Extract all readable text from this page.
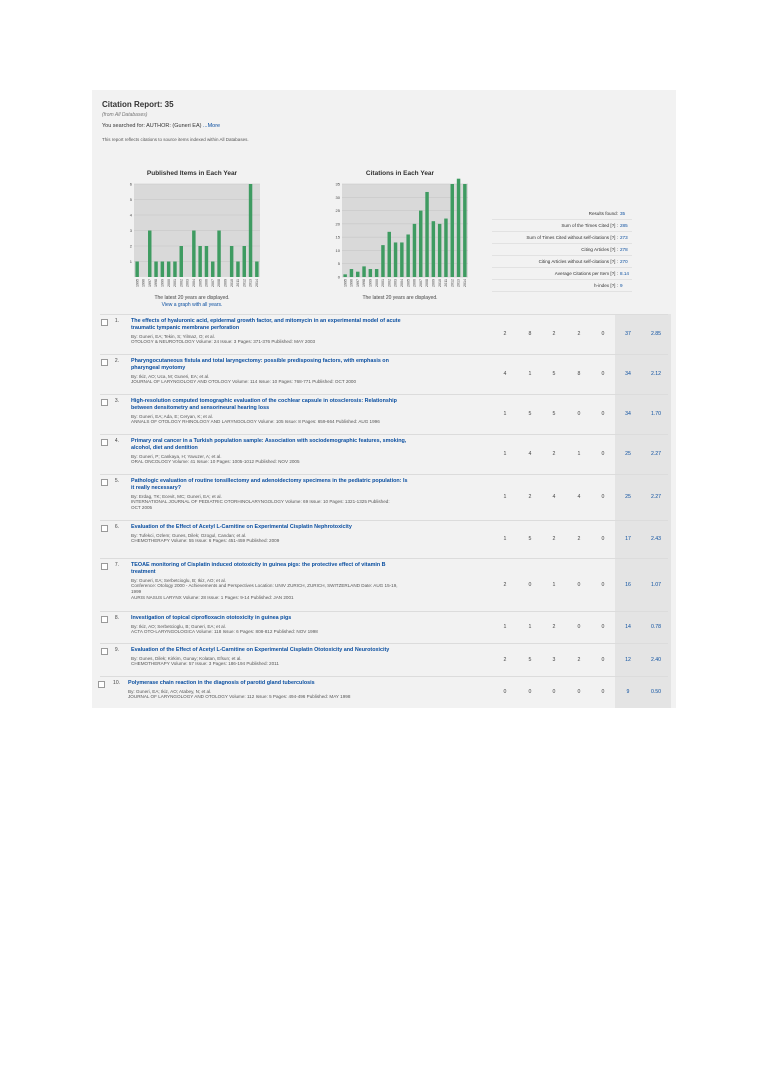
Citation Report: 35
(from All Databases)
You searched for: AUTHOR: (Guneri EA) ...More
This report reflects citations to source items indexed within All Databases.
Published Items in Each Year	Citations in Each Year
1
2
3
4
5
6
1995 1996 1997 1998 1999 2000 2001 2002 2003 2004 2005 2006 2007 2008 2009 2010 2011 2012 2013 2014
0
5
10
15
20
25
30
35
1995 1996 1997 1998 1999 2000 2001 2002 2003 2004 2005 2006 2007 2008 2009 2010 2011 2012 2013 2014
The latest 20 years are displayed.
View a graph with all years.
The latest 20 years are displayed.
Results found: 35
Sum of the Times Cited [?] : 285
Sum of Times Cited without self-citations [?] : 273
Citing Articles [?] : 278
Citing Articles without self-citations [?] : 270
Average Citations per Item [?] : 8.14
h-index [?] : 9
1. The effects of hyaluronic acid, epidermal growth factor, and mitomycin in an experimental model of acute
traumatic tympanic membrane perforation
By: Guneri, EA; Tekin, S; Yilmaz, O; et al.
OTOLOGY & NEUROTOLOGY Volume: 24 Issue: 3 Pages: 371-376 Published: MAY 2003
2	8	2	2	0	37	2.85
2. Pharyngocutaneous fistula and total laryngectomy: possible predisposing factors, with emphasis on
pharyngeal myotomy
By: Ikiz, AO; Uca, M; Guneri, EA; et al.
JOURNAL OF LARYNGOLOGY AND OTOLOGY Volume: 114 Issue: 10 Pages: 768-771 Published: OCT 2000
4	1	5	8	0	34	2.12
3. High-resolution computed tomographic evaluation of the cochlear capsule in otosclerosis: Relationship
between densitometry and sensorineural hearing loss
By: Guneri, EA; Ada, E; Ceryan, K; et al.
ANNALS OF OTOLOGY RHINOLOGY AND LARYNGOLOGY Volume: 105 Issue: 8 Pages: 659-664 Published: AUG 1996
1	5	5	0	0	34	1.70
4. Primary oral cancer in a Turkish population sample: Association with sociodemographic features, smoking,
alcohol, diet and dentition
By: Guneri, P; Cankaya, H; Yavuzer, A; et al.
ORAL ONCOLOGY Volume: 41 Issue: 10 Pages: 1005-1012 Published: NOV 2005
1	4	2	1	0	25	2.27
5. Pathologic evaluation of routine tonsillectomy and adenoidectomy specimens in the pediatric population: Is
it really necessary?
By: Erdag, TK; Ecevit, MC; Guneri, EA; et al.
INTERNATIONAL JOURNAL OF PEDIATRIC OTORHINOLARYNGOLOGY Volume: 69 Issue: 10 Pages: 1321-1325 Published:
OCT 2005
1	2	4	4	0	25	2.27
6. Evaluation of the Effect of Acetyl L-Carnitine on Experimental Cisplatin Nephrotoxicity
By: Tufekci, Ozlem; Gunes, Dilek; Ozogul, Candan; et al.
CHEMOTHERAPY Volume: 55 Issue: 6 Pages: 451-459 Published: 2009	1	5	2	2	0	17	2.43
7. TEOAE monitoring of Cisplatin induced ototoxicity in guinea pigs: the protective effect of vitamin B
treatment
By: Guneri, EA; Serbetcioglu, B; Ikiz, AO; et al.
Conference: Otology 2000 - Achievements and Perspectives Location: UNIV ZURICH, ZURICH, SWITZERLAND Date: AUG 15-19,
1999
AURIS NASUS LARYNX Volume: 28 Issue: 1 Pages: 9-14 Published: JAN 2001
2	0	1	0	0	16	1.07
8. Investigation of topical ciprofloxacin ototoxicity in guinea pigs
By: Ikiz, AO; Serbetcioglu, B; Guneri, EA; et al.
ACTA OTO-LARYNGOLOGICA Volume: 118 Issue: 6 Pages: 808-812 Published: NOV 1998
1	1	2	0	0	14	0.78
9. Evaluation of the Effect of Acetyl L-Carnitine on Experimental Cisplatin Ototoxicity and Neurotoxicity
By: Gunes, Dilek; Kirkim, Gunay; Kolatan, Efsun; et al.
CHEMOTHERAPY Volume: 57 Issue: 3 Pages: 186-194 Published: 2011
2	5	3	2	0	12	2.40
10. Polymerase chain reaction in the diagnosis of parotid gland tuberculosis
By: Guneri, EA; Ikiz, AO; Atabey, N; et al.
JOURNAL OF LARYNGOLOGY AND OTOLOGY Volume: 112 Issue: 5 Pages: 494-496 Published: MAY 1998
0	0	0	0	0	9	0.50
